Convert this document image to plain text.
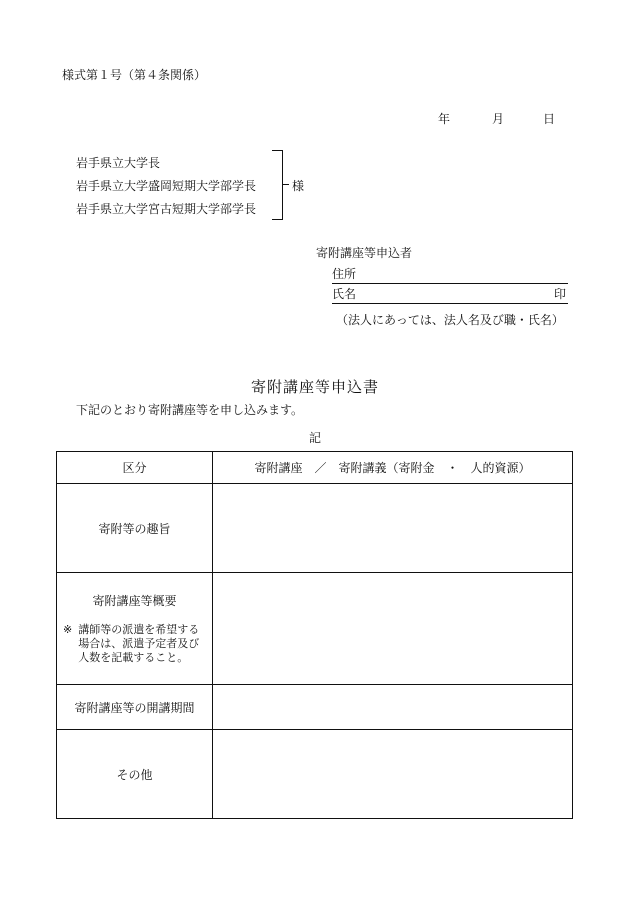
様式第１号（第４条関係）
年	月	日
岩手県立大学長
岩手県立大学盛岡短期大学部学長
岩手県立大学宮古短期大学部学長
様
寄附講座等申込者
住所
氏名	印
（法人にあっては、法人名及び職・氏名）
寄附講座等申込書
下記のとおり寄附講座等を申し込みます。
記
区分	寄附講座　／　寄附講義（寄附金　・　人的資源）
寄附等の趣旨	

寄附講座等概要
※ 講師等の派遣を希望する場合は、派遣予定者及び人数を記載すること。	

寄附講座等の開講期間	
その他	
